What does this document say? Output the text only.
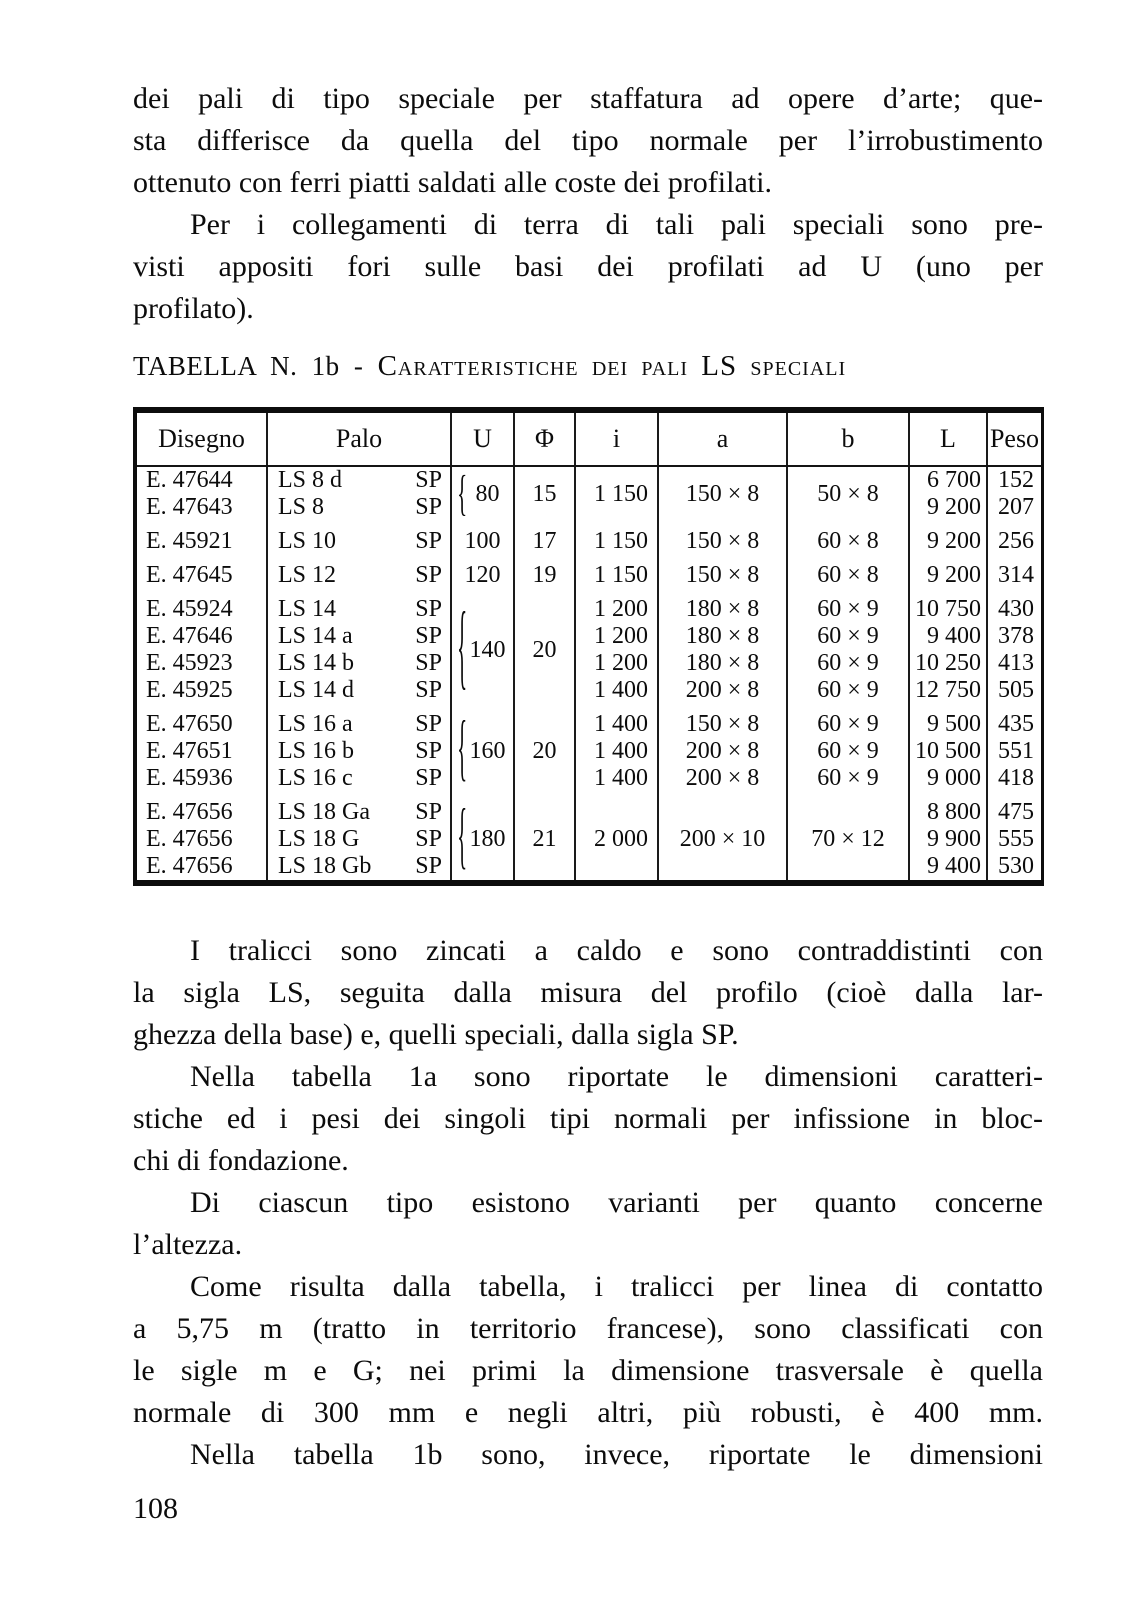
dei pali di tipo speciale per staffatura ad opere d’arte; que-
sta differisce da quella del tipo normale per l’irrobustimento
ottenuto con ferri piatti saldati alle coste dei profilati.

Per i collegamenti di terra di tali pali speciali sono pre-
visti appositi fori sulle basi dei profilati ad U (uno per
profilato).

TABELLA N. 1b - Caratteristiche dei pali LS speciali
Disegno	Palo	U	Φ	i	a	b	L	Peso
E. 47644	LS 8 d SP	{ 80	15	1 150	150 × 8	50 × 8	6 700	152
E. 47643	LS 8 SP						9 200	207
E. 45921	LS 10 SP	100	17	1 150	150 × 8	60 × 8	9 200	256
E. 47645	LS 12 SP	120	19	1 150	150 × 8	60 × 8	9 200	314
E. 45924	LS 14 SP	{ 140	20	1 200	180 × 8	60 × 9	10 750	430
E. 47646	LS 14 a SP			1 200	180 × 8	60 × 9	9 400	378
E. 45923	LS 14 b SP			1 200	180 × 8	60 × 9	10 250	413
E. 45925	LS 14 d SP			1 400	200 × 8	60 × 9	12 750	505
E. 47650	LS 16 a SP	{ 160	20	1 400	150 × 8	60 × 9	9 500	435
E. 47651	LS 16 b SP			1 400	200 × 8	60 × 9	10 500	551
E. 45936	LS 16 c SP			1 400	200 × 8	60 × 9	9 000	418
E. 47656	LS 18 Ga SP	{ 180	21	2 000	200 × 10	70 × 12	8 800	475
E. 47656	LS 18 G SP						9 900	555
E. 47656	LS 18 Gb SP						9 400	530

I tralicci sono zincati a caldo e sono contraddistinti con
la sigla LS, seguita dalla misura del profilo (cioè dalla lar-
ghezza della base) e, quelli speciali, dalla sigla SP.

Nella tabella 1a sono riportate le dimensioni caratteri-
stiche ed i pesi dei singoli tipi normali per infissione in bloc-
chi di fondazione.

Di ciascun tipo esistono varianti per quanto concerne
l’altezza.

Come risulta dalla tabella, i tralicci per linea di contatto
a 5,75 m (tratto in territorio francese), sono classificati con
le sigle m e G; nei primi la dimensione trasversale è quella
normale di 300 mm e negli altri, più robusti, è 400 mm.

Nella tabella 1b sono, invece, riportate le dimensioni

108
